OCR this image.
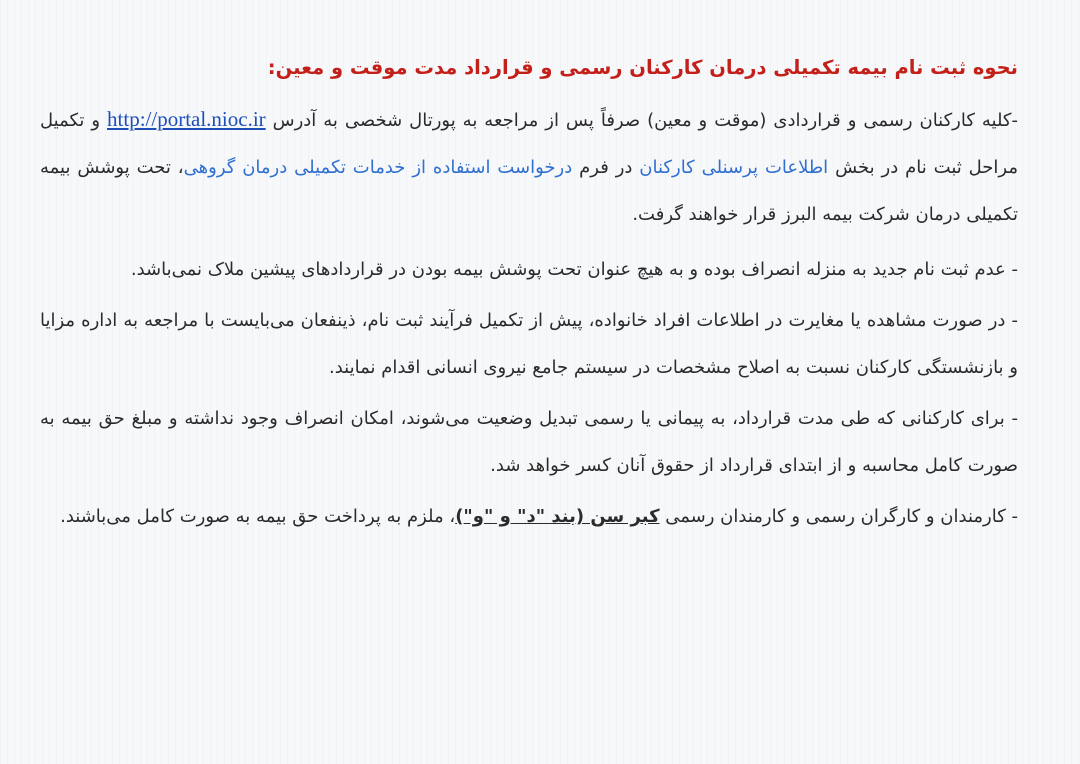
نحوه ثبت نام بیمه تکمیلی درمان کارکنان رسمی و قرارداد مدت موقت و معین:

-کلیه کارکنان رسمی و قراردادی (موقت و معین) صرفاً پس از مراجعه به پورتال شخصی به آدرس http://portal.nioc.ir و تکمیل مراحل ثبت نام در بخش اطلاعات پرسنلی کارکنان در فرم درخواست استفاده از خدمات تکمیلی درمان گروهی، تحت پوشش بیمه تکمیلی درمان شرکت بیمه البرز قرار خواهند گرفت.

- عدم ثبت نام جدید به منزله انصراف بوده و به هیچ عنوان تحت پوشش بیمه بودن در قراردادهای پیشین ملاک نمی‌باشد.

- در صورت مشاهده یا مغایرت در اطلاعات افراد خانواده، پیش از تکمیل فرآیند ثبت نام، ذینفعان می‌بایست با مراجعه به اداره مزایا و بازنشستگی کارکنان نسبت به اصلاح مشخصات در سیستم جامع نیروی انسانی اقدام نمایند.

- برای کارکنانی که طی مدت قرارداد، به پیمانی یا رسمی تبدیل وضعیت می‌شوند، امکان انصراف وجود نداشته و مبلغ حق بیمه به صورت کامل محاسبه و از ابتدای قرارداد از حقوق آنان کسر خواهد شد.

- کارمندان و کارگران رسمی و کارمندان رسمی کبر سن (بند "د" و "و")، ملزم به پرداخت حق بیمه به صورت کامل می‌باشند.
